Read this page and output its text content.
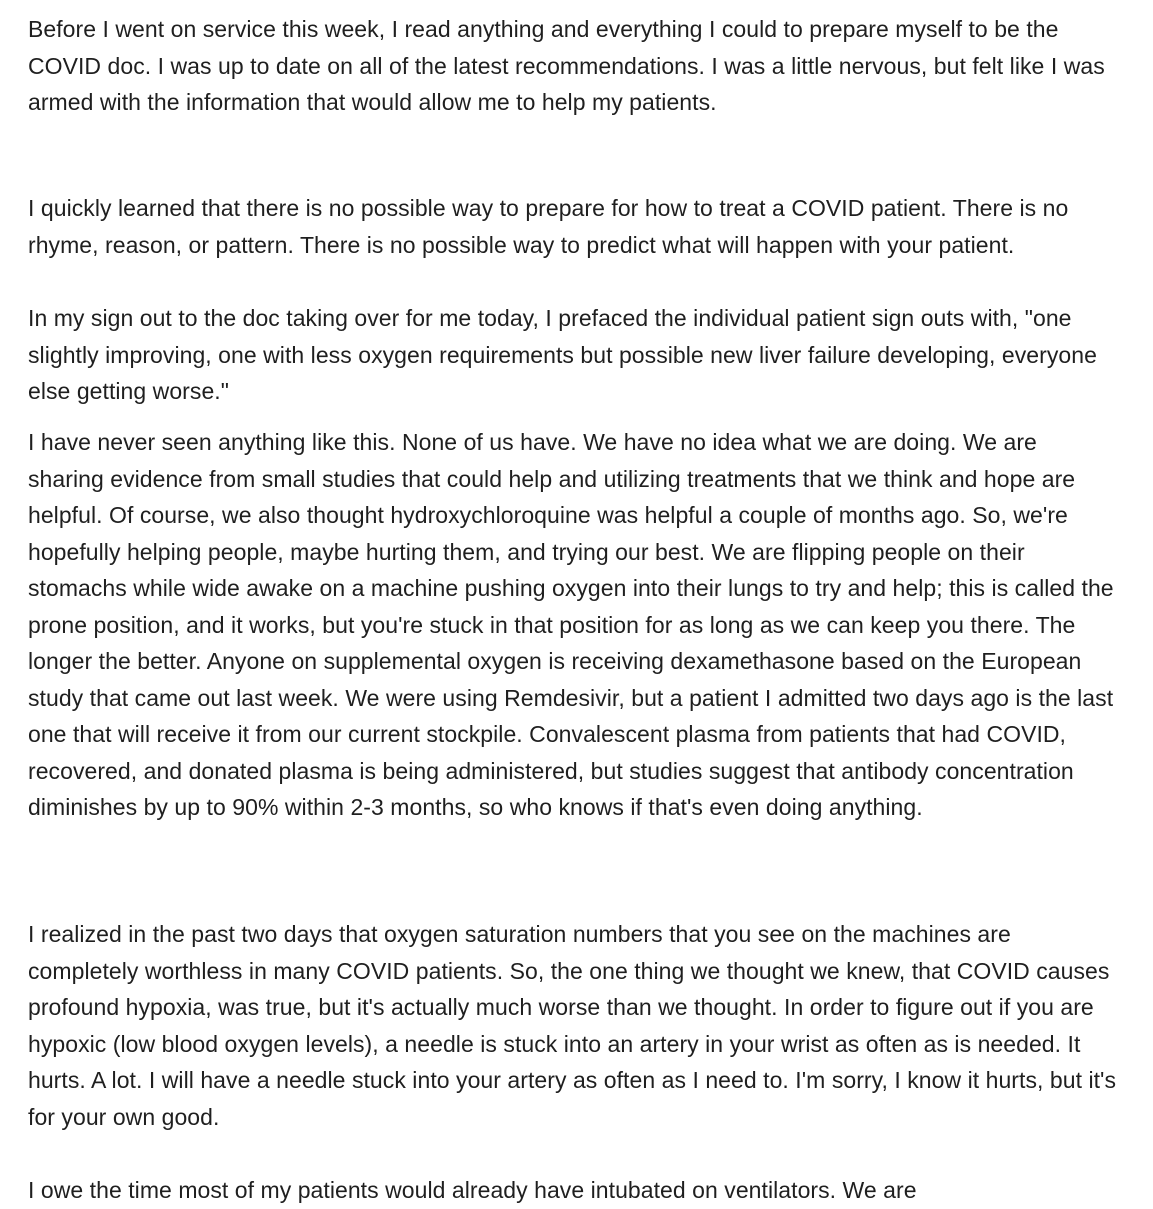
Before I went on service this week, I read anything and everything I could to prepare myself to be the COVID doc. I was up to date on all of the latest recommendations. I was a little nervous, but felt like I was armed with the information that would allow me to help my patients.

I quickly learned that there is no possible way to prepare for how to treat a COVID patient. There is no rhyme, reason, or pattern. There is no possible way to predict what will happen with your patient.

In my sign out to the doc taking over for me today, I prefaced the individual patient sign outs with, "one slightly improving, one with less oxygen requirements but possible new liver failure developing, everyone else getting worse."

I have never seen anything like this. None of us have. We have no idea what we are doing. We are sharing evidence from small studies that could help and utilizing treatments that we think and hope are helpful. Of course, we also thought hydroxychloroquine was helpful a couple of months ago. So, we're hopefully helping people, maybe hurting them, and trying our best. We are flipping people on their stomachs while wide awake on a machine pushing oxygen into their lungs to try and help; this is called the prone position, and it works, but you're stuck in that position for as long as we can keep you there. The longer the better. Anyone on supplemental oxygen is receiving dexamethasone based on the European study that came out last week. We were using Remdesivir, but a patient I admitted two days ago is the last one that will receive it from our current stockpile. Convalescent plasma from patients that had COVID, recovered, and donated plasma is being administered, but studies suggest that antibody concentration diminishes by up to 90% within 2-3 months, so who knows if that's even doing anything.

I realized in the past two days that oxygen saturation numbers that you see on the machines are completely worthless in many COVID patients. So, the one thing we thought we knew, that COVID causes profound hypoxia, was true, but it's actually much worse than we thought. In order to figure out if you are hypoxic (low blood oxygen levels), a needle is stuck into an artery in your wrist as often as is needed. It hurts. A lot. I will have a needle stuck into your artery as often as I need to. I'm sorry, I know it hurts, but it's for your own good.

I owe the time most of my patients would already have intubated on ventilators. We are
